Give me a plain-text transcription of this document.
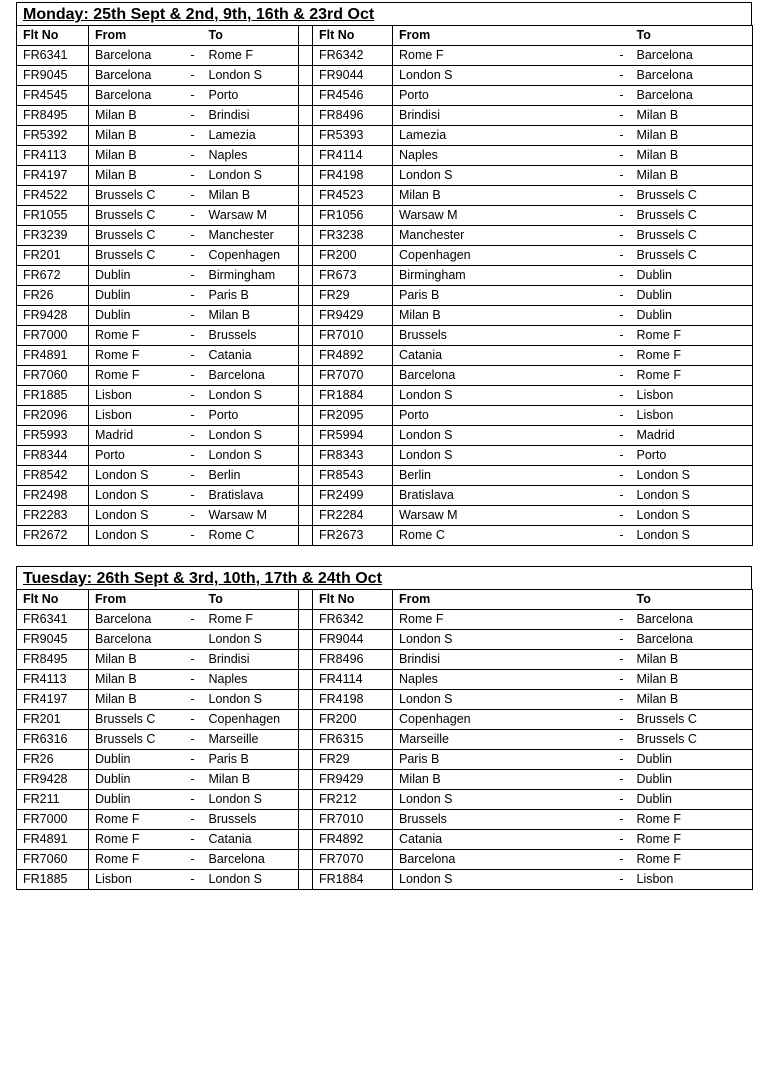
Monday: 25th Sept & 2nd, 9th, 16th & 23rd Oct
Flt No	From		To		Flt No	From		To
FR6341	Barcelona	-	Rome F		FR6342	Rome F	-	Barcelona
FR9045	Barcelona	-	London S		FR9044	London S	-	Barcelona
FR4545	Barcelona	-	Porto		FR4546	Porto	-	Barcelona
FR8495	Milan B	-	Brindisi		FR8496	Brindisi	-	Milan B
FR5392	Milan B	-	Lamezia		FR5393	Lamezia	-	Milan B
FR4113	Milan B	-	Naples		FR4114	Naples	-	Milan B
FR4197	Milan B	-	London S		FR4198	London S	-	Milan B
FR4522	Brussels C	-	Milan B		FR4523	Milan B	-	Brussels C
FR1055	Brussels C	-	Warsaw M		FR1056	Warsaw M	-	Brussels C
FR3239	Brussels C	-	Manchester		FR3238	Manchester	-	Brussels C
FR201	Brussels C	-	Copenhagen		FR200	Copenhagen	-	Brussels C
FR672	Dublin	-	Birmingham		FR673	Birmingham	-	Dublin
FR26	Dublin	-	Paris B		FR29	Paris B	-	Dublin
FR9428	Dublin	-	Milan B		FR9429	Milan B	-	Dublin
FR7000	Rome F	-	Brussels		FR7010	Brussels	-	Rome F
FR4891	Rome F	-	Catania		FR4892	Catania	-	Rome F
FR7060	Rome F	-	Barcelona		FR7070	Barcelona	-	Rome F
FR1885	Lisbon	-	London S		FR1884	London S	-	Lisbon
FR2096	Lisbon	-	Porto		FR2095	Porto	-	Lisbon
FR5993	Madrid	-	London S		FR5994	London S	-	Madrid
FR8344	Porto	-	London S		FR8343	London S	-	Porto
FR8542	London S	-	Berlin		FR8543	Berlin	-	London S
FR2498	London S	-	Bratislava		FR2499	Bratislava	-	London S
FR2283	London S	-	Warsaw M		FR2284	Warsaw M	-	London S
FR2672	London S	-	Rome C		FR2673	Rome C	-	London S
Tuesday: 26th Sept & 3rd, 10th, 17th & 24th Oct
Flt No	From		To		Flt No	From		To
FR6341	Barcelona	-	Rome F		FR6342	Rome F	-	Barcelona
FR9045	Barcelona		London S		FR9044	London S	-	Barcelona
FR8495	Milan B	-	Brindisi		FR8496	Brindisi	-	Milan B
FR4113	Milan B	-	Naples		FR4114	Naples	-	Milan B
FR4197	Milan B	-	London S		FR4198	London S	-	Milan B
FR201	Brussels C	-	Copenhagen		FR200	Copenhagen	-	Brussels C
FR6316	Brussels C	-	Marseille		FR6315	Marseille	-	Brussels C
FR26	Dublin	-	Paris B		FR29	Paris B	-	Dublin
FR9428	Dublin	-	Milan B		FR9429	Milan B	-	Dublin
FR211	Dublin	-	London S		FR212	London S	-	Dublin
FR7000	Rome F	-	Brussels		FR7010	Brussels	-	Rome F
FR4891	Rome F	-	Catania		FR4892	Catania	-	Rome F
FR7060	Rome F	-	Barcelona		FR7070	Barcelona	-	Rome F
FR1885	Lisbon	-	London S		FR1884	London S	-	Lisbon
